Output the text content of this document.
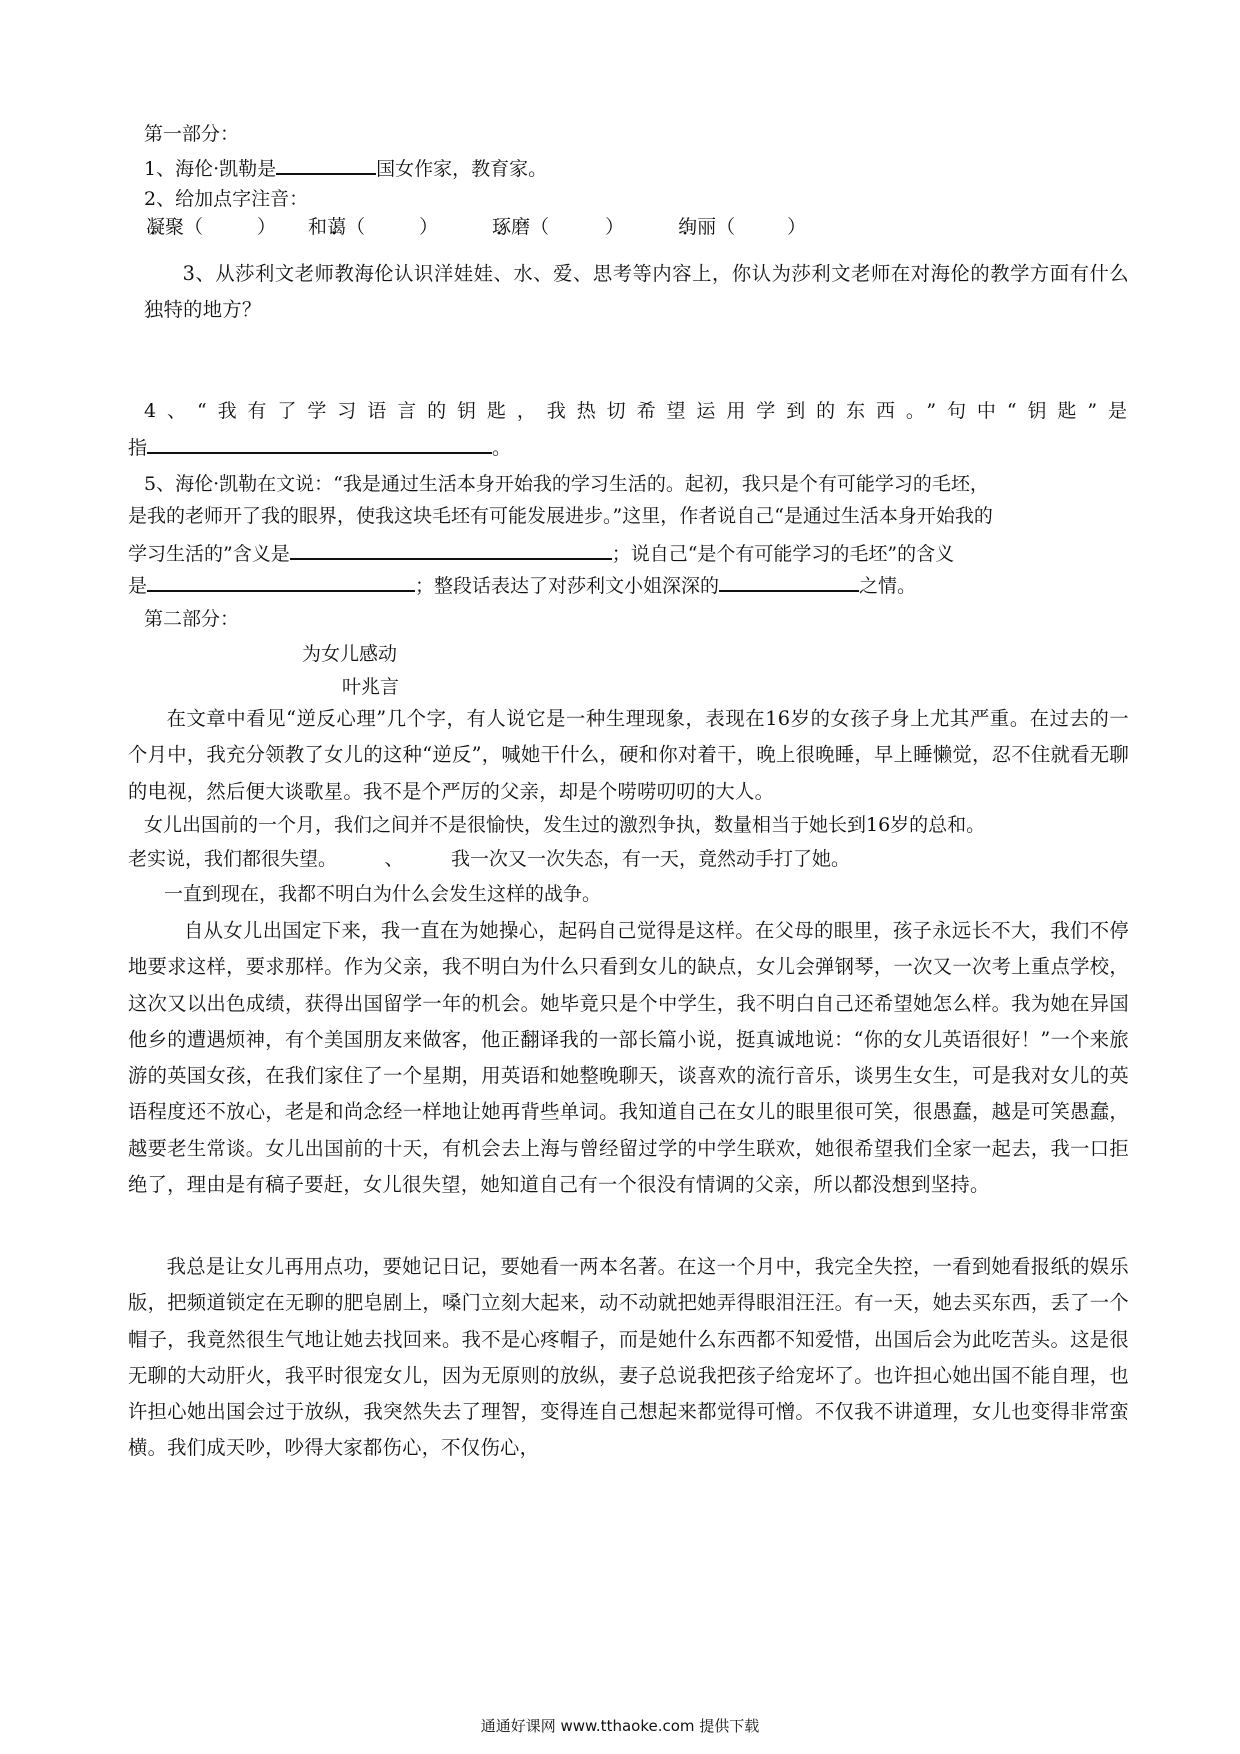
第一部分：
1、海伦·凯勒是	国女作家，教育家。
2、给加点字注音：
凝聚（	） 和蔼（	）	琢磨（	）	绚丽（	）
3、从莎利文老师教海伦认识洋娃娃、水、爱、思考等内容上，你认为莎利文老师在对海伦的教学方面有什么独特的地方？
4、“我有了学习语言的钥匙，我热切希望运用学到的东西。”句中“钥匙”是
指	。
5、海伦·凯勒在文说：“我是通过生活本身开始我的学习生活的。起初，我只是个有可能学习的毛坯，
是我的老师开了我的眼界，使我这块毛坯有可能发展进步。”这里，作者说自己“是通过生活本身开始我的
学习生活的”含义是	；说自己“是个有可能学习的毛坯”的含义
是	；整段话表达了对莎利文小姐深深的	之情。
第二部分：
为女儿感动
叶兆言
在文章中看见“逆反心理”几个字，有人说它是一种生理现象，表现在16岁的女孩子身上尤其严重。在过去的一个月中，我充分领教了女儿的这种“逆反”，喊她干什么，硬和你对着干，晚上很晚睡，早上睡懒觉，忍不住就看无聊的电视，然后便大谈歌星。我不是个严厉的父亲，却是个唠唠叨叨的大人。
女儿出国前的一个月，我们之间并不是很愉快，发生过的激烈争执，数量相当于她长到16岁的总和。
老实说，我们都很失望。　　　、　　　我一次又一次失态，有一天，竟然动手打了她。
一直到现在，我都不明白为什么会发生这样的战争。
自从女儿出国定下来，我一直在为她操心，起码自己觉得是这样。在父母的眼里，孩子永远长不大，我们不停地要求这样，要求那样。作为父亲，我不明白为什么只看到女儿的缺点，女儿会弹钢琴，一次又一次考上重点学校，这次又以出色成绩，获得出国留学一年的机会。她毕竟只是个中学生，我不明白自己还希望她怎么样。我为她在异国他乡的遭遇烦神，有个美国朋友来做客，他正翻译我的一部长篇小说，挺真诚地说：“你的女儿英语很好！”一个来旅游的英国女孩，在我们家住了一个星期，用英语和她整晚聊天，谈喜欢的流行音乐，谈男生女生，可是我对女儿的英语程度还不放心，老是和尚念经一样地让她再背些单词。我知道自己在女儿的眼里很可笑，很愚蠢，越是可笑愚蠢，越要老生常谈。女儿出国前的十天，有机会去上海与曾经留过学的中学生联欢，她很希望我们全家一起去，我一口拒绝了，理由是有稿子要赶，女儿很失望，她知道自己有一个很没有情调的父亲，所以都没想到坚持。
我总是让女儿再用点功，要她记日记，要她看一两本名著。在这一个月中，我完全失控，一看到她看报纸的娱乐版，把频道锁定在无聊的肥皂剧上，嗓门立刻大起来，动不动就把她弄得眼泪汪汪。有一天，她去买东西，丢了一个帽子，我竟然很生气地让她去找回来。我不是心疼帽子，而是她什么东西都不知爱惜，出国后会为此吃苦头。这是很无聊的大动肝火，我平时很宠女儿，因为无原则的放纵，妻子总说我把孩子给宠坏了。也许担心她出国不能自理，也许担心她出国会过于放纵，我突然失去了理智，变得连自己想起来都觉得可憎。不仅我不讲道理，女儿也变得非常蛮横。我们成天吵，吵得大家都伤心，不仅伤心，
通通好课网 www.tthaoke.com 提供下载
